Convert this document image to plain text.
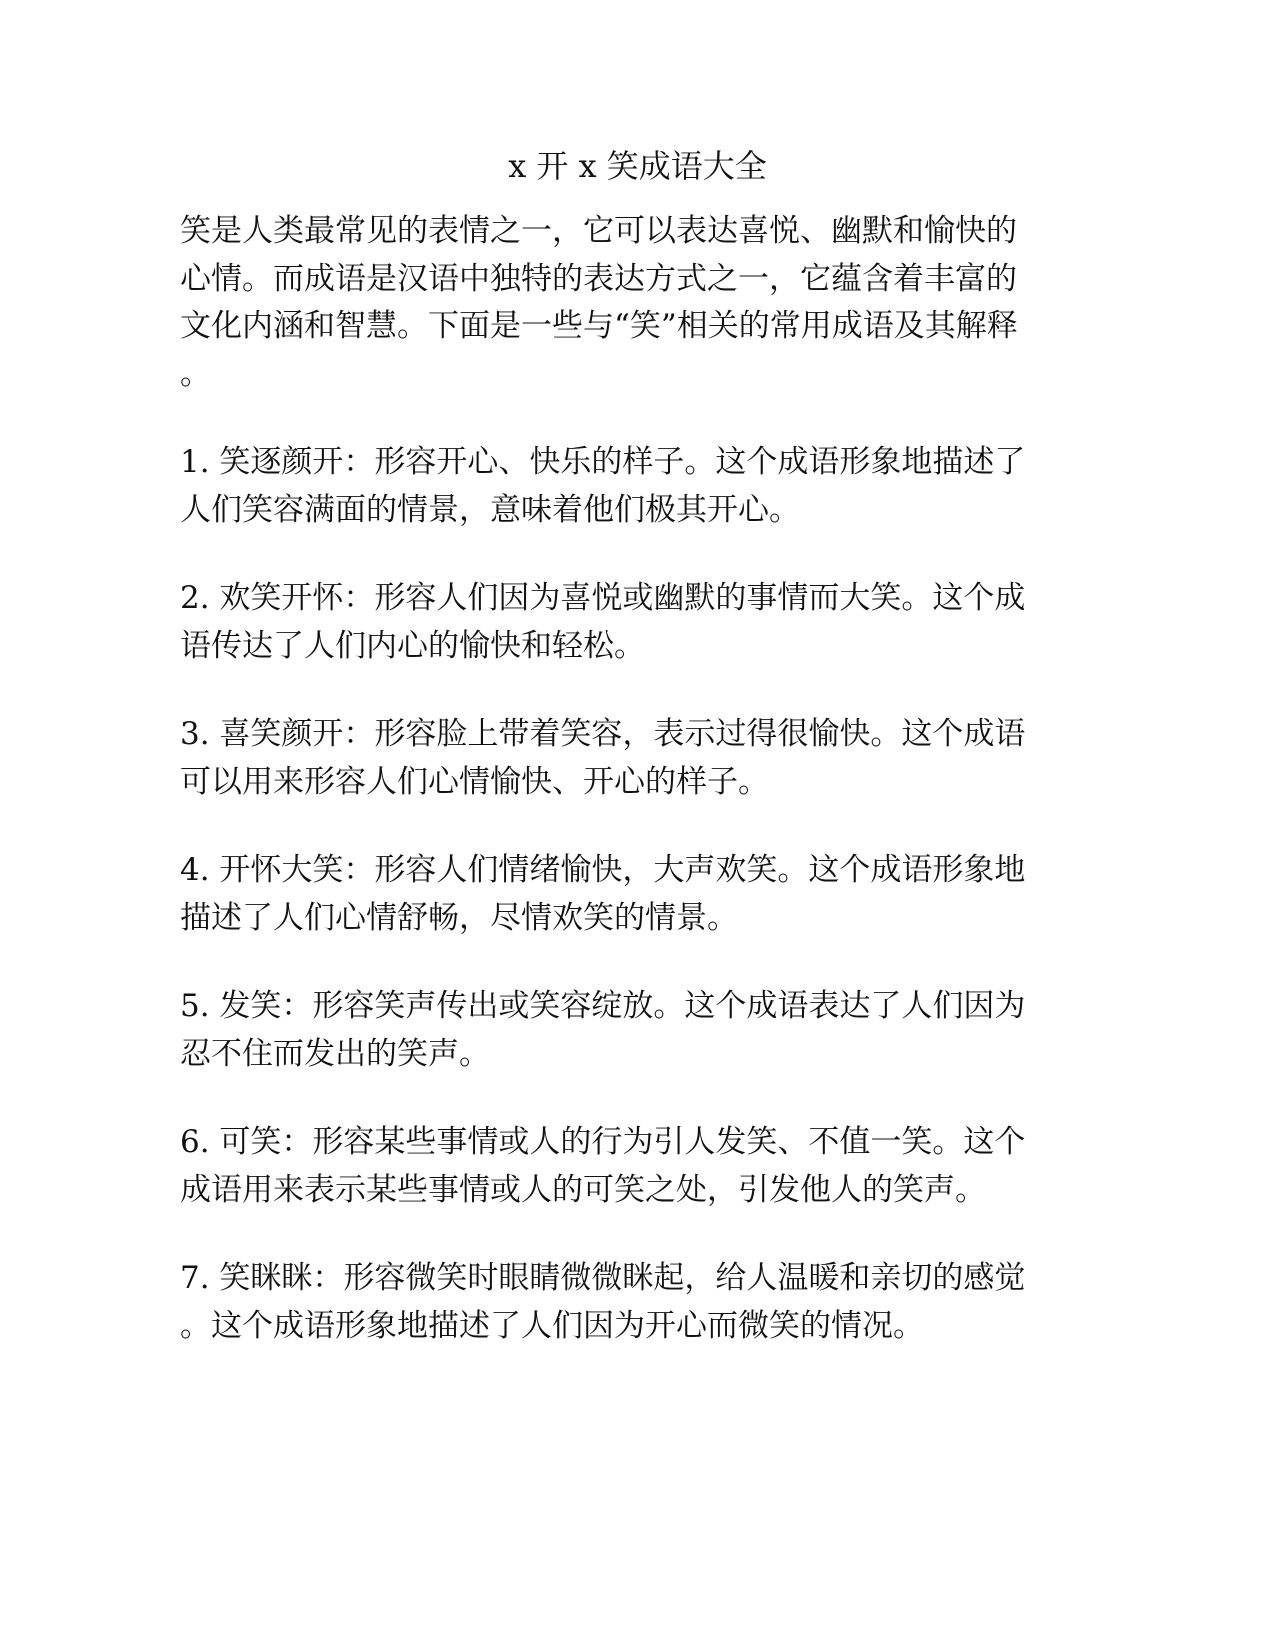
x 开 x 笑成语大全
笑是人类最常见的表情之一，它可以表达喜悦、幽默和愉快的
心情。而成语是汉语中独特的表达方式之一，它蕴含着丰富的
文化内涵和智慧。下面是一些与“笑”相关的常用成语及其解释
。
1. 笑逐颜开：形容开心、快乐的样子。这个成语形象地描述了
人们笑容满面的情景，意味着他们极其开心。
2. 欢笑开怀：形容人们因为喜悦或幽默的事情而大笑。这个成
语传达了人们内心的愉快和轻松。
3. 喜笑颜开：形容脸上带着笑容，表示过得很愉快。这个成语
可以用来形容人们心情愉快、开心的样子。
4. 开怀大笑：形容人们情绪愉快，大声欢笑。这个成语形象地
描述了人们心情舒畅，尽情欢笑的情景。
5. 发笑：形容笑声传出或笑容绽放。这个成语表达了人们因为
忍不住而发出的笑声。
6. 可笑：形容某些事情或人的行为引人发笑、不值一笑。这个
成语用来表示某些事情或人的可笑之处，引发他人的笑声。
7. 笑眯眯：形容微笑时眼睛微微眯起，给人温暖和亲切的感觉
。这个成语形象地描述了人们因为开心而微笑的情况。
